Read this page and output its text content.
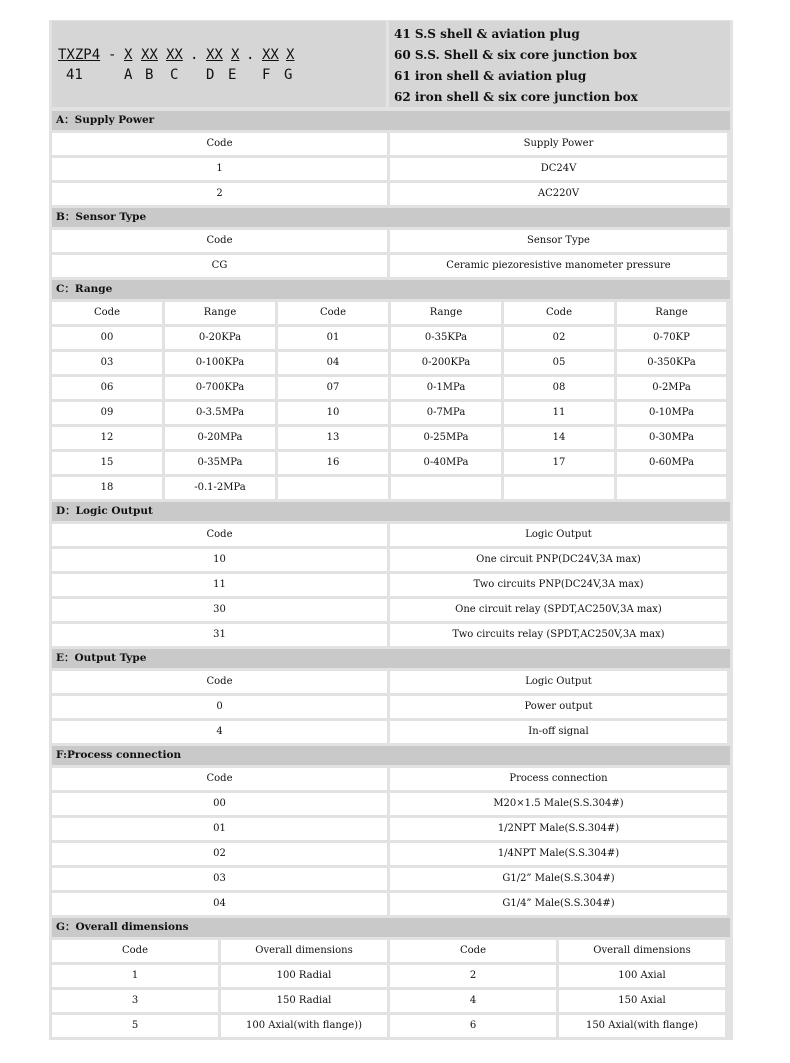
TXZP4 - X XX XX . XX X . XX X
41	A B C D E F G
41 S.S shell & aviation plug
60 S.S. Shell & six core junction box
61 iron shell & aviation plug
62 iron shell & six core junction box
A：Supply Power
Code	Supply Power
1	DC24V
2	AC220V
B：Sensor Type
Code	Sensor Type
CG	Ceramic piezoresistive manometer pressure
C：Range
Code	Range	Code	Range	Code	Range
00	0-20KPa	01	0-35KPa	02	0-70KP
03	0-100KPa	04	0-200KPa	05	0-350KPa
06	0-700KPa	07	0-1MPa	08	0-2MPa
09	0-3.5MPa	10	0-7MPa	11	0-10MPa
12	0-20MPa	13	0-25MPa	14	0-30MPa
15	0-35MPa	16	0-40MPa	17	0-60MPa
18	-0.1-2MPa
D：Logic Output
Code	Logic Output
10	One circuit PNP(DC24V,3A max)
11	Two circuits PNP(DC24V,3A max)
30	One circuit relay (SPDT,AC250V,3A max)
31	Two circuits relay (SPDT,AC250V,3A max)
E：Output Type
Code	Logic Output
0	Power output
4	In-off signal
F:Process connection
Code	Process connection
00	M20×1.5 Male(S.S.304#)
01	1/2NPT Male(S.S.304#)
02	1/4NPT Male(S.S.304#)
03	G1/2” Male(S.S.304#)
04	G1/4” Male(S.S.304#)
G：Overall dimensions
Code	Overall dimensions	Code	Overall dimensions
1	100 Radial	2	100 Axial
3	150 Radial	4	150 Axial
5	100 Axial(with flange))	6	150 Axial(with flange)
